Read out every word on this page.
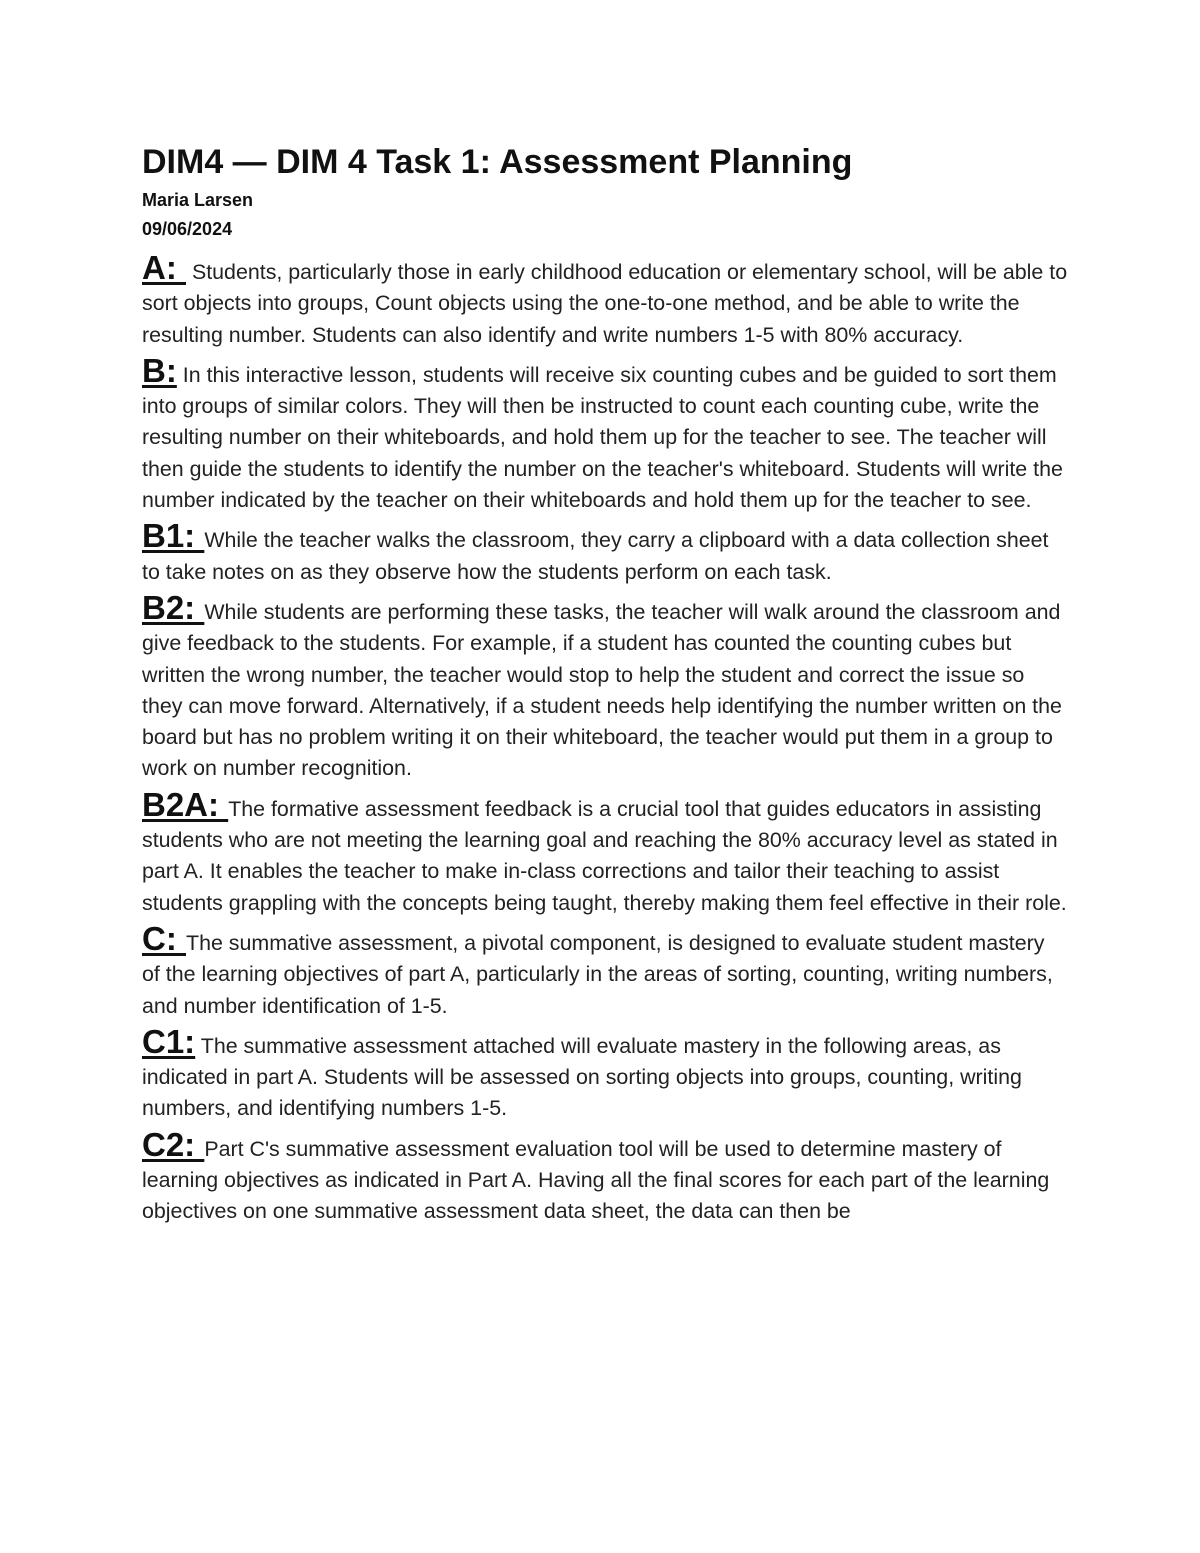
DIM4 — DIM 4 Task 1: Assessment Planning

Maria Larsen

09/06/2024

A:  Students, particularly those in early childhood education or elementary school, will be able to sort objects into groups, Count objects using the one-to-one method, and be able to write the resulting number. Students can also identify and write numbers 1-5 with 80% accuracy.

B: In this interactive lesson, students will receive six counting cubes and be guided to sort them into groups of similar colors. They will then be instructed to count each counting cube, write the resulting number on their whiteboards, and hold them up for the teacher to see. The teacher will then guide the students to identify the number on the teacher's whiteboard. Students will write the number indicated by the teacher on their whiteboards and hold them up for the teacher to see.

B1: While the teacher walks the classroom, they carry a clipboard with a data collection sheet to take notes on as they observe how the students perform on each task.

B2: While students are performing these tasks, the teacher will walk around the classroom and give feedback to the students. For example, if a student has counted the counting cubes but written the wrong number, the teacher would stop to help the student and correct the issue so they can move forward. Alternatively, if a student needs help identifying the number written on the board but has no problem writing it on their whiteboard, the teacher would put them in a group to work on number recognition.

B2A: The formative assessment feedback is a crucial tool that guides educators in assisting students who are not meeting the learning goal and reaching the 80% accuracy level as stated in part A. It enables the teacher to make in-class corrections and tailor their teaching to assist students grappling with the concepts being taught, thereby making them feel effective in their role.

C: The summative assessment, a pivotal component, is designed to evaluate student mastery of the learning objectives of part A, particularly in the areas of sorting, counting, writing numbers, and number identification of 1-5.

C1: The summative assessment attached will evaluate mastery in the following areas, as indicated in part A. Students will be assessed on sorting objects into groups, counting, writing numbers, and identifying numbers 1-5.

C2: Part C's summative assessment evaluation tool will be used to determine mastery of learning objectives as indicated in Part A. Having all the final scores for each part of the learning objectives on one summative assessment data sheet, the data can then be
